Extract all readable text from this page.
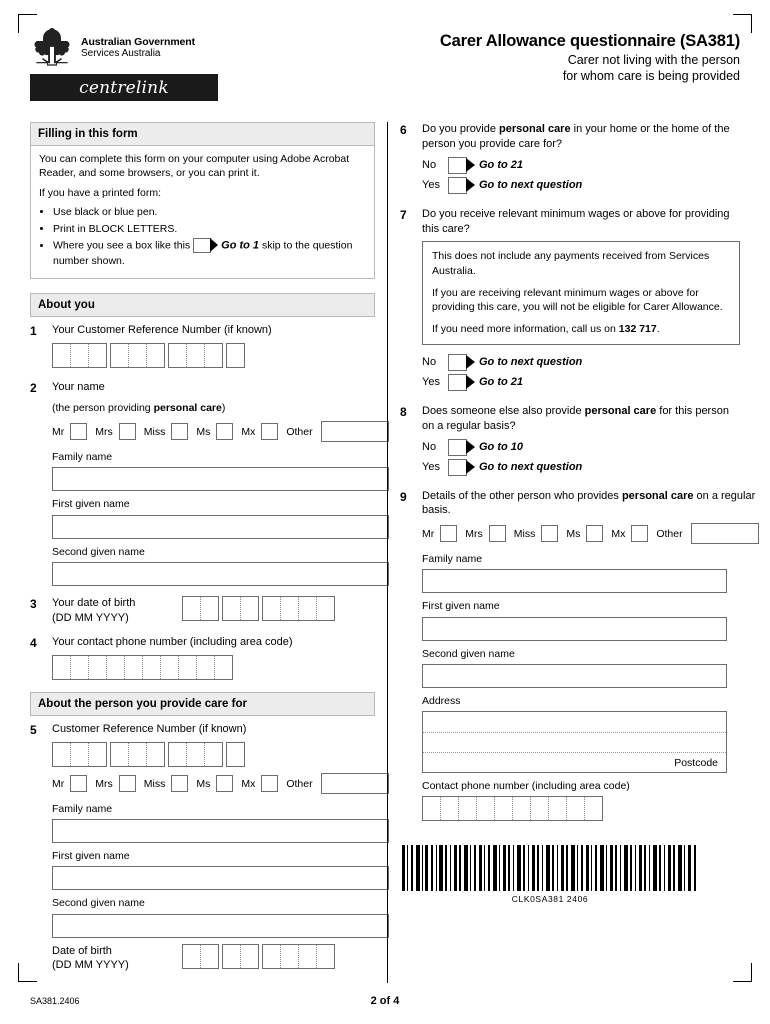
Australian Government
Services Australia
centrelink
Carer Allowance questionnaire (SA381)
Carer not living with the person
for whom care is being provided
Filling in this form

You can complete this form on your computer using Adobe Acrobat Reader, and some browsers, or you can print it.

If you have a printed form:

• Use black or blue pen.
• Print in BLOCK LETTERS.
• Where you see a box like this	Go to 1 skip to the question number shown.
About you
1	Your Customer Reference Number (if known)
2	Your name
(the person providing personal care)
Mr	Mrs	Miss	Ms	Mx	Other
Family name
First given name
Second given name
3	Your date of birth
(DD MM YYYY)
4	Your contact phone number (including area code)
About the person you provide care for
5	Customer Reference Number (if known)
Mr	Mrs	Miss	Ms	Mx	Other
Family name
First given name
Second given name
Date of birth
(DD MM YYYY)
6	Do you provide personal care in your home or the home of the person you provide care for?
No	Go to 21
Yes	Go to next question
7	Do you receive relevant minimum wages or above for providing this care?

This does not include any payments received from Services Australia.

If you are receiving relevant minimum wages or above for providing this care, you will not be eligible for Carer Allowance.

If you need more information, call us on 132 717.

No	Go to next question
Yes	Go to 21
8	Does someone else also provide personal care for this person on a regular basis?
No	Go to 10
Yes	Go to next question
9	Details of the other person who provides personal care on a regular basis.
Mr	Mrs	Miss	Ms	Mx	Other
Family name
First given name
Second given name
Address
Postcode
Contact phone number (including area code)
CLK0SA381 2406
SA381.2406	2 of 4
